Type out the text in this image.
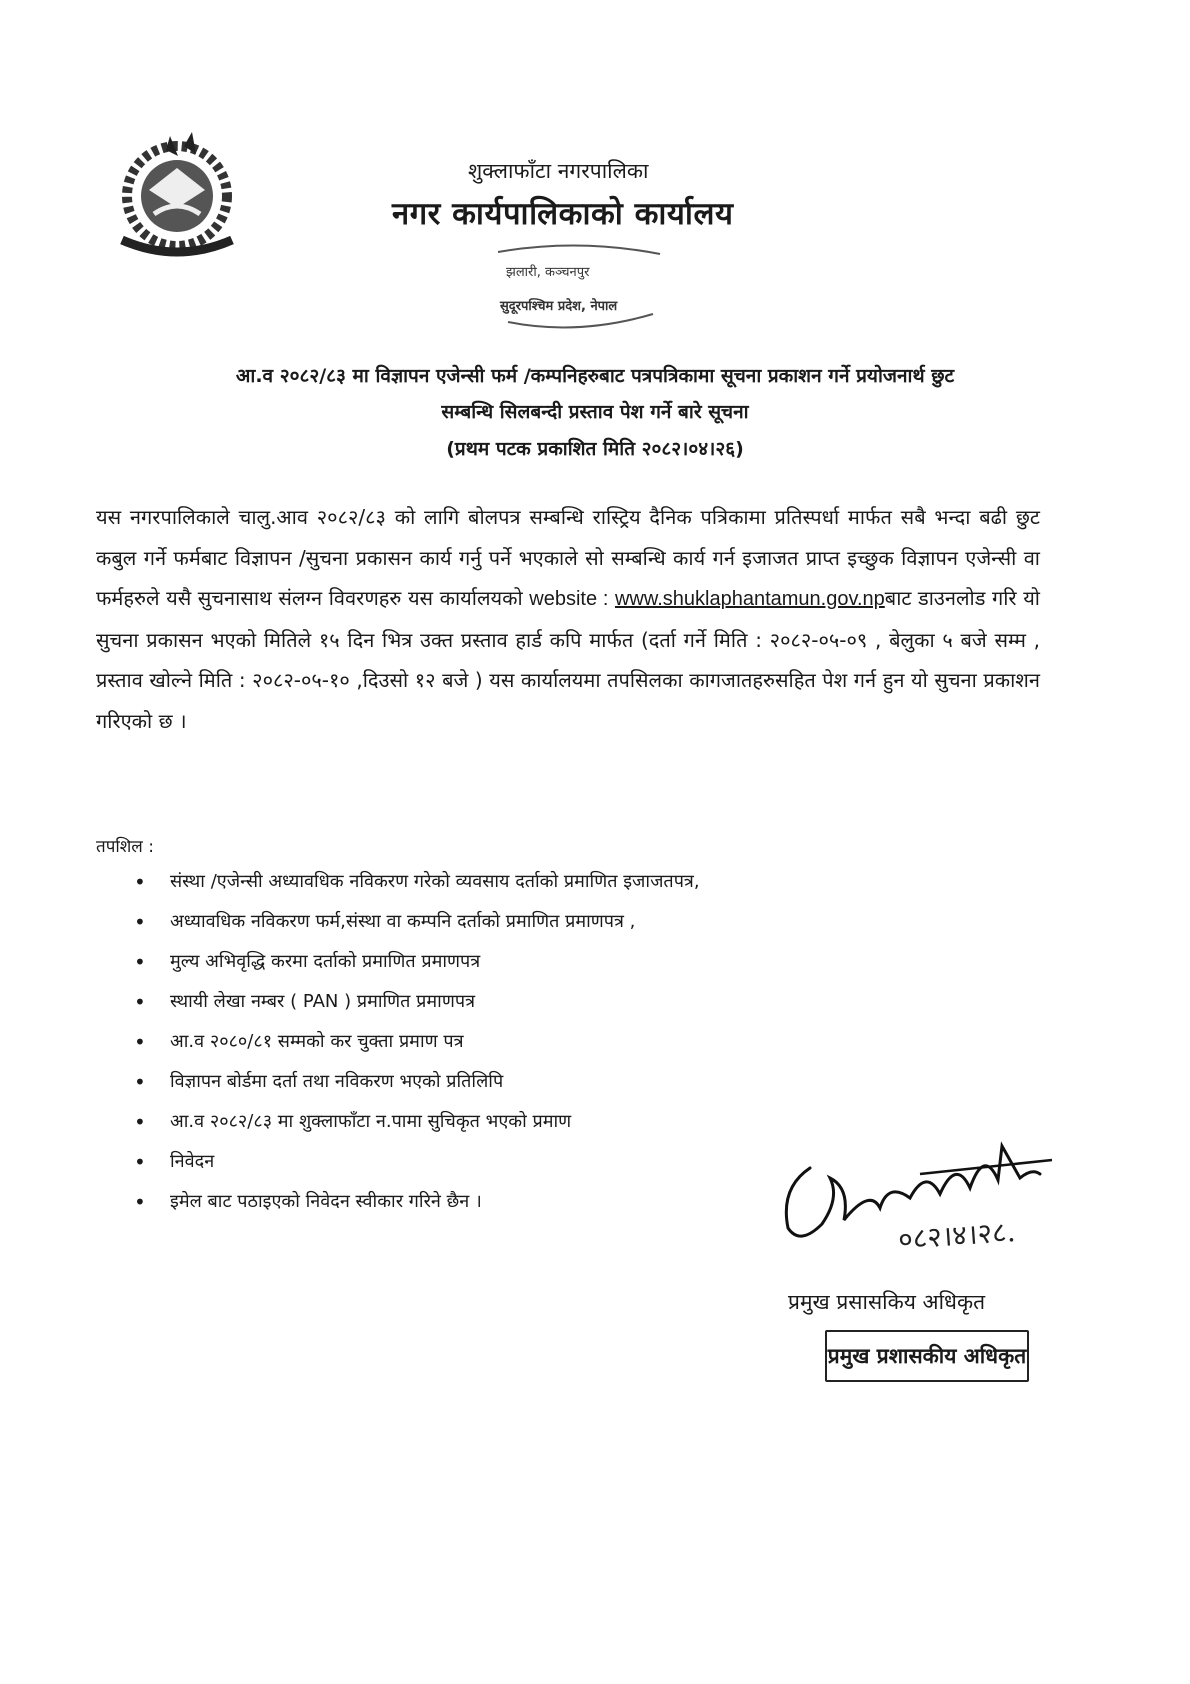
शुक्लाफाँटा नगरपालिका
नगर कार्यपालिकाको कार्यालय
झलारी, कञ्चनपुर
सुदूरपश्चिम प्रदेश, नेपाल
आ.व २०८२/८३ मा विज्ञापन एजेन्सी फर्म /कम्पनिहरुबाट पत्रपत्रिकामा सूचना प्रकाशन गर्ने प्रयोजनार्थ छुट
सम्बन्धि सिलबन्दी प्रस्ताव पेश गर्ने बारे सूचना
(प्रथम पटक प्रकाशित मिति २०८२।०४।२६)
यस नगरपालिकाले चालु.आव २०८२/८३ को लागि बोलपत्र सम्बन्धि रास्ट्रिय दैनिक पत्रिकामा प्रतिस्पर्धा मार्फत सबै भन्दा बढी छुट कबुल गर्ने फर्मबाट विज्ञापन /सुचना प्रकासन कार्य गर्नु पर्ने भएकाले सो सम्बन्धि कार्य गर्न इजाजत प्राप्त इच्छुक विज्ञापन एजेन्सी वा फर्महरुले यसै सुचनासाथ संलग्न विवरणहरु यस कार्यालयको website : www.shuklaphantamun.gov.npबाट डाउनलोड गरि यो सुचना प्रकासन भएको मितिले १५ दिन भित्र उक्त प्रस्ताव हार्ड कपि मार्फत (दर्ता गर्ने मिति : २०८२-०५-०९ , बेलुका ५ बजे सम्म , प्रस्ताव खोल्ने मिति : २०८२-०५-१० ,दिउसो १२ बजे ) यस कार्यालयमा तपसिलका कागजातहरुसहित पेश गर्न हुन यो सुचना प्रकाशन गरिएको छ ।
तपशिल :
• संस्था /एजेन्सी अध्यावधिक नविकरण गरेको व्यवसाय दर्ताको प्रमाणित इजाजतपत्र,
• अध्यावधिक नविकरण फर्म,संस्था वा कम्पनि दर्ताको प्रमाणित प्रमाणपत्र ,
• मुल्य अभिवृद्धि करमा दर्ताको प्रमाणित प्रमाणपत्र
• स्थायी लेखा नम्बर ( PAN ) प्रमाणित प्रमाणपत्र
• आ.व २०८०/८१ सम्मको कर चुक्ता प्रमाण पत्र
• विज्ञापन बोर्डमा दर्ता तथा नविकरण भएको प्रतिलिपि
• आ.व २०८२/८३ मा शुक्लाफाँटा न.पामा सुचिकृत भएको प्रमाण
• निवेदन
• इमेल बाट पठाइएको निवेदन स्वीकार गरिने छैन ।
०८२।४।२८.
प्रमुख प्रसासकिय अधिकृत
प्रमुख प्रशासकीय अधिकृत
